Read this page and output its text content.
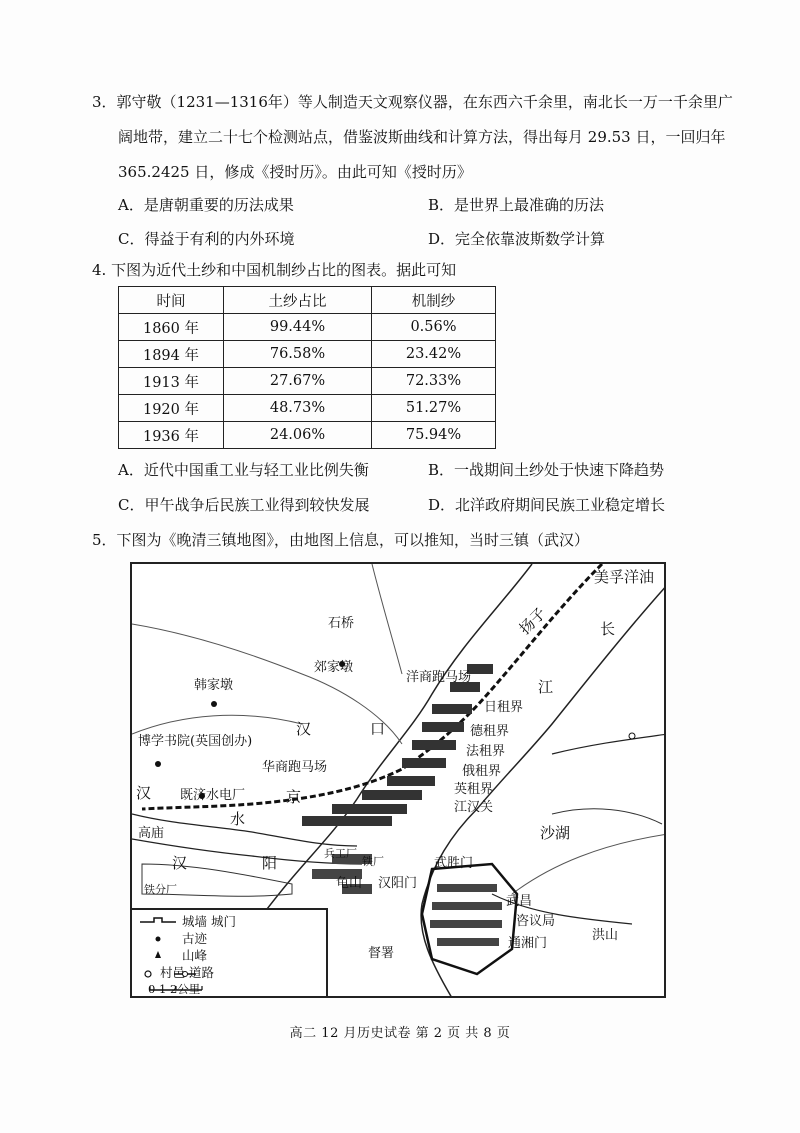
3．郭守敬（1231—1316年）等人制造天文观察仪器，在东西六千余里，南北长一万一千余里广
阔地带，建立二十七个检测站点，借鉴波斯曲线和计算方法，得出每月 29.53 日，一回归年
365.2425 日，修成《授时历》。由此可知《授时历》
A．是唐朝重要的历法成果	B．是世界上最准确的历法
C．得益于有利的内外环境	D．完全依靠波斯数学计算
4. 下图为近代土纱和中国机制纱占比的图表。据此可知
时间	土纱占比	机制纱
1860 年	99.44%	0.56%
1894 年	76.58%	23.42%
1913 年	27.67%	72.33%
1920 年	48.73%	51.27%
1936 年	24.06%	75.94%
A．近代中国重工业与轻工业比例失衡	B．一战期间土纱处于快速下降趋势
C．甲午战争后民族工业得到较快发展	D．北洋政府期间民族工业稳定增长
5．下图为《晚清三镇地图》，由地图上信息，可以推知，当时三镇（武汉）
美孚洋油
石桥	扬子	长
郊家墩
韩家墩
洋商跑马场
江
日租界
汉	口	德租界
博学书院(英国创办)
法租界
华商跑马场	俄租界
英租界
既济水电厂
汉
江汉关
京
水
高庙	沙湖
兵工厂
铁厂
汉	阳	武胜门
龟山 汉阳门
铁分厂
武昌
咨议局
洪山
通湘门
督署
城墙 城门
古迹
山峰
村邑 道路
0 1 2公里
高二 12 月历史试卷 第 2 页 共 8 页
